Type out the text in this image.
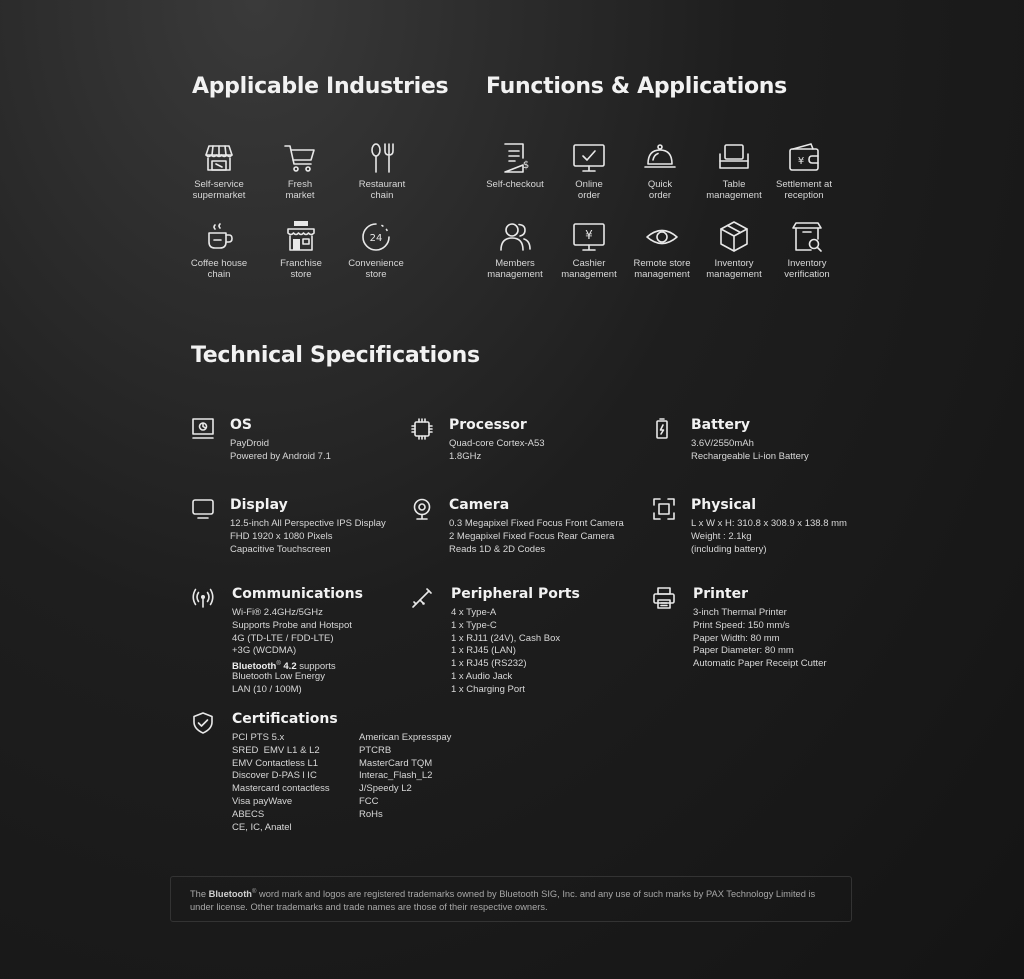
Applicable Industries Functions & Applications
Technical Specifications
Self-service
supermarket
Fresh
market
Restaurant
chain
Coffee house
chain
Franchise
store
24
Convenience
store
$
Self-checkout	Online
order
Quick
order
Table
management
¥
Settlement at
reception
Members
management
¥
Cashier
management
Remote store
management
Inventory
management
Inventory
verification
OS
PayDroid
Powered by Android 7.1
Processor
Quad-core Cortex-A53
1.8GHz
Battery
3.6V/2550mAh
Rechargeable Li-ion Battery
Display
12.5-inch All Perspective IPS Display
FHD 1920 x 1080 Pixels
Capacitive Touchscreen
Camera
0.3 Megapixel Fixed Focus Front Camera
2 Megapixel Fixed Focus Rear Camera
Reads 1D & 2D Codes
Physical
L x W x H: 310.8 x 308.9 x 138.8 mm
Weight : 2.1kg
(including battery)
Communications
Wi-Fi® 2.4GHz/5GHz
Supports Probe and Hotspot
4G (TD-LTE / FDD-LTE)
+3G (WCDMA)
Bluetooth® 4.2 supports
Bluetooth Low Energy
LAN (10 / 100M)
Peripheral Ports
4 x Type-A
1 x Type-C
1 x RJ11 (24V), Cash Box
1 x RJ45 (LAN)
1 x RJ45 (RS232)
1 x Audio Jack
1 x Charging Port
Printer
3-inch Thermal Printer
Print Speed: 150 mm/s
Paper Width: 80 mm
Paper Diameter: 80 mm
Automatic Paper Receipt Cutter
Certifications
PCI PTS 5.x
SRED  EMV L1 & L2
EMV Contactless L1
Discover D-PAS l IC
Mastercard contactless
Visa payWave
ABECS
CE, IC, Anatel
American Expresspay
PTCRB
MasterCard TQM
Interac_Flash_L2
J/Speedy L2
FCC
RoHs
The Bluetooth® word mark and logos are registered trademarks owned by Bluetooth SIG, Inc. and any use of such marks by PAX Technology Limited is
under license. Other trademarks and trade names are those of their respective owners.
